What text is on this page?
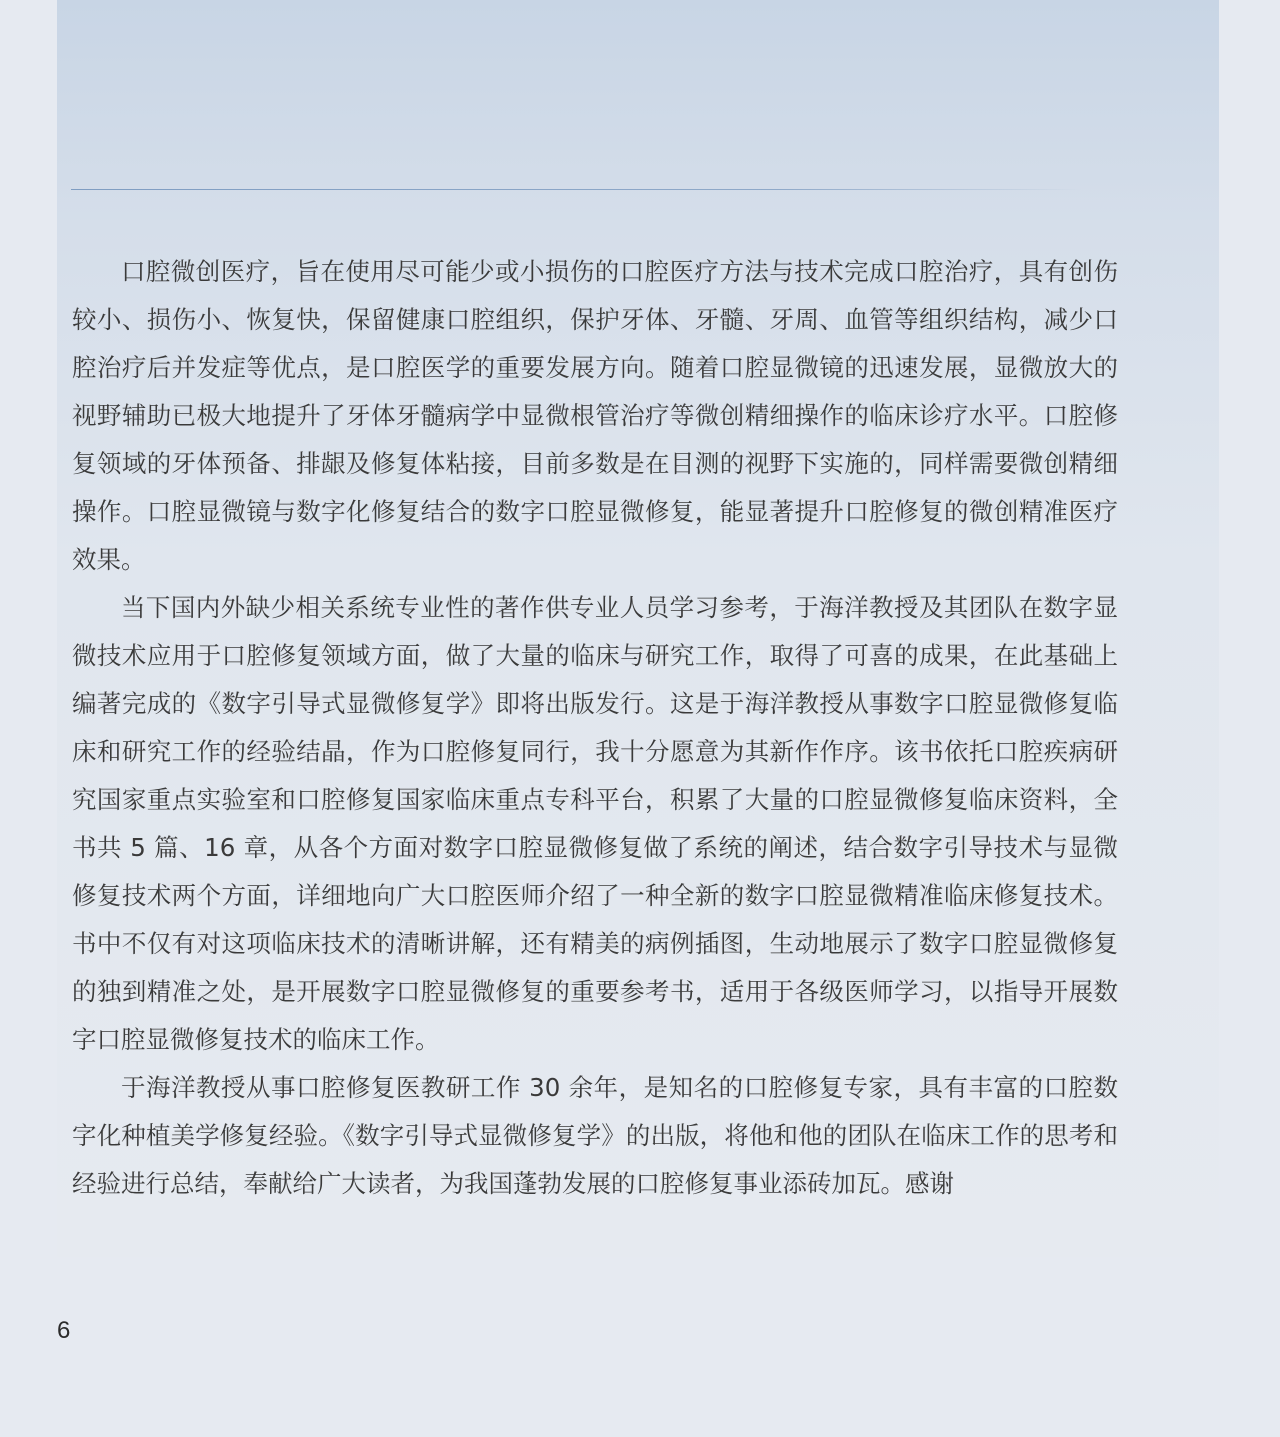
口腔微创医疗，旨在使用尽可能少或小损伤的口腔医疗方法与技术完成口腔治疗，具有创伤较小、损伤小、恢复快，保留健康口腔组织，保护牙体、牙髓、牙周、血管等组织结构，减少口腔治疗后并发症等优点，是口腔医学的重要发展方向。随着口腔显微镜的迅速发展，显微放大的视野辅助已极大地提升了牙体牙髓病学中显微根管治疗等微创精细操作的临床诊疗水平。口腔修复领域的牙体预备、排龈及修复体粘接，目前多数是在目测的视野下实施的，同样需要微创精细操作。口腔显微镜与数字化修复结合的数字口腔显微修复，能显著提升口腔修复的微创精准医疗效果。

当下国内外缺少相关系统专业性的著作供专业人员学习参考，于海洋教授及其团队在数字显微技术应用于口腔修复领域方面，做了大量的临床与研究工作，取得了可喜的成果，在此基础上编著完成的《数字引导式显微修复学》即将出版发行。这是于海洋教授从事数字口腔显微修复临床和研究工作的经验结晶，作为口腔修复同行，我十分愿意为其新作作序。该书依托口腔疾病研究国家重点实验室和口腔修复国家临床重点专科平台，积累了大量的口腔显微修复临床资料，全书共 5 篇、16 章，从各个方面对数字口腔显微修复做了系统的阐述，结合数字引导技术与显微修复技术两个方面，详细地向广大口腔医师介绍了一种全新的数字口腔显微精准临床修复技术。书中不仅有对这项临床技术的清晰讲解，还有精美的病例插图，生动地展示了数字口腔显微修复的独到精准之处，是开展数字口腔显微修复的重要参考书，适用于各级医师学习，以指导开展数字口腔显微修复技术的临床工作。

于海洋教授从事口腔修复医教研工作 30 余年，是知名的口腔修复专家，具有丰富的口腔数字化种植美学修复经验。《数字引导式显微修复学》的出版，将他和他的团队在临床工作的思考和经验进行总结，奉献给广大读者，为我国蓬勃发展的口腔修复事业添砖加瓦。感谢

6
